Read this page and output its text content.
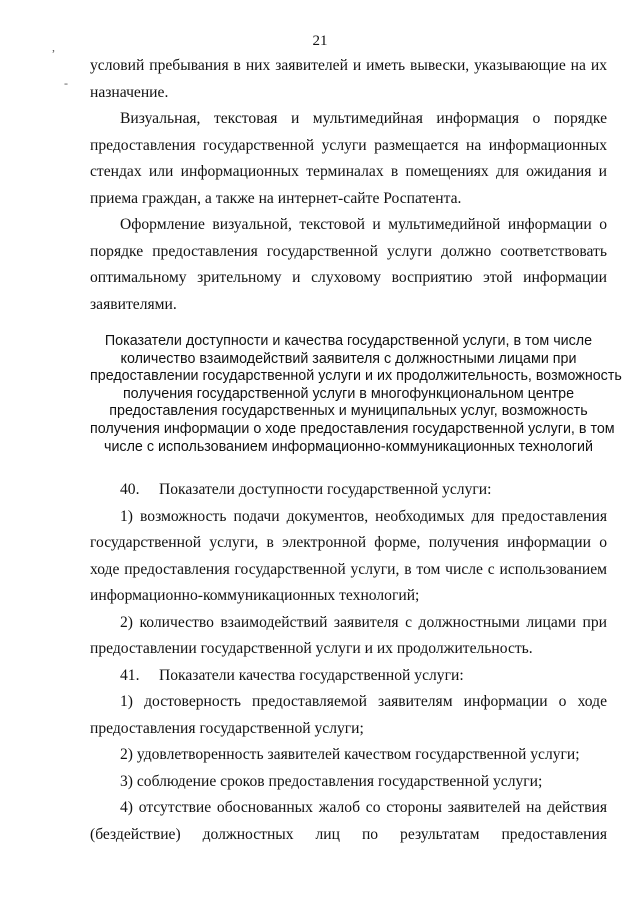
,
-
21

условий пребывания в них заявителей и иметь вывески, указывающие на их назначение.

Визуальная, текстовая и мультимедийная информация о порядке предоставления государственной услуги размещается на информационных стендах или информационных терминалах в помещениях для ожидания и приема граждан, а также на интернет-сайте Роспатента.

Оформление визуальной, текстовой и мультимедийной информации о порядке предоставления государственной услуги должно соответствовать оптимальному зрительному и слуховому восприятию этой информации заявителями.

Показатели доступности и качества государственной услуги, в том числе
количество взаимодействий заявителя с должностными лицами при
предоставлении государственной услуги и их продолжительность, возможность
получения государственной услуги в многофункциональном центре
предоставления государственных и муниципальных услуг, возможность
получения информации о ходе предоставления государственной услуги, в том
числе с использованием информационно-коммуникационных технологий

40.     Показатели доступности государственной услуги:

1) возможность подачи документов, необходимых для предоставления государственной услуги, в электронной форме, получения информации о ходе предоставления государственной услуги, в том числе с использованием информационно-коммуникационных технологий;

2) количество взаимодействий заявителя с должностными лицами при предоставлении государственной услуги и их продолжительность.

41.     Показатели качества государственной услуги:

1) достоверность предоставляемой заявителям информации о ходе предоставления государственной услуги;

2) удовлетворенность заявителей качеством государственной услуги;

3) соблюдение сроков предоставления государственной услуги;

4) отсутствие обоснованных жалоб со стороны заявителей на действия (бездействие) должностных лиц по результатам предоставления
